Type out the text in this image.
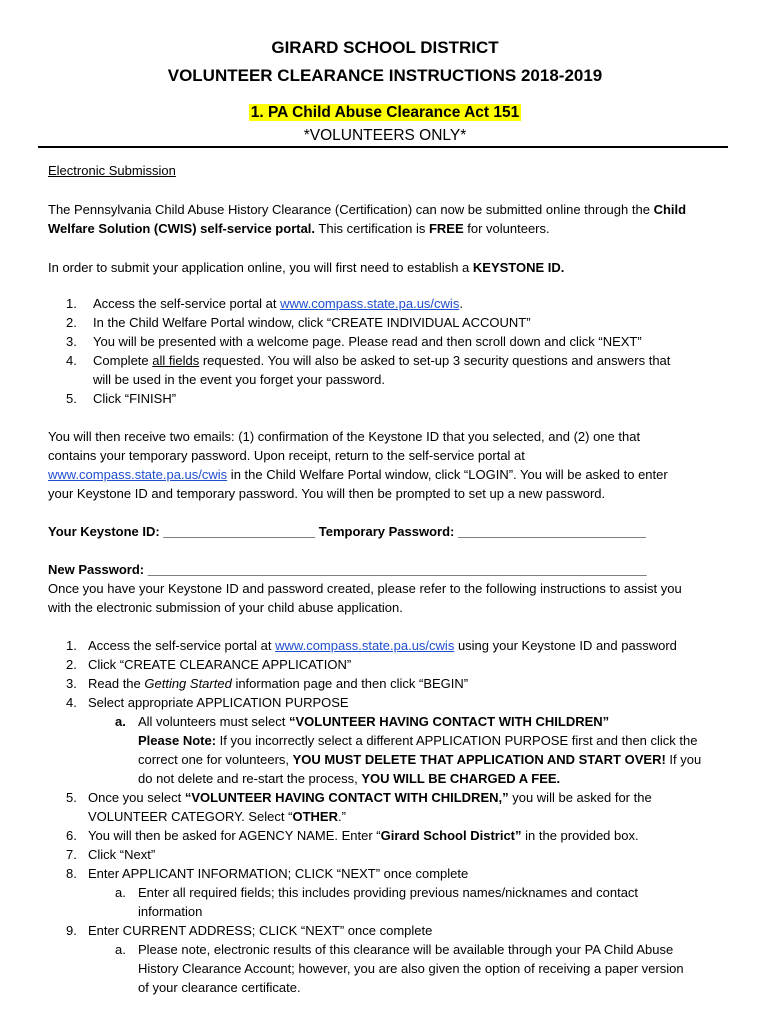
GIRARD SCHOOL DISTRICT
VOLUNTEER CLEARANCE INSTRUCTIONS 2018-2019
1. PA Child Abuse Clearance Act 151
*VOLUNTEERS ONLY*
Electronic Submission
The Pennsylvania Child Abuse History Clearance (Certification) can now be submitted online through the Child
Welfare Solution (CWIS) self-service portal. This certification is FREE for volunteers.
In order to submit your application online, you will first need to establish a KEYSTONE ID.
1.	Access the self-service portal at www.compass.state.pa.us/cwis.
2.	In the Child Welfare Portal window, click “CREATE INDIVIDUAL ACCOUNT”
3.	You will be presented with a welcome page. Please read and then scroll down and click “NEXT”
4.	Complete all fields requested. You will also be asked to set-up 3 security questions and answers that
will be used in the event you forget your password.
5.	Click “FINISH”
You will then receive two emails: (1) confirmation of the Keystone ID that you selected, and (2) one that
contains your temporary password. Upon receipt, return to the self-service portal at
www.compass.state.pa.us/cwis in the Child Welfare Portal window, click “LOGIN”. You will be asked to enter
your Keystone ID and temporary password. You will then be prompted to set up a new password.
Your Keystone ID: _____________________ Temporary Password: __________________________
New Password: _____________________________________________________________________
Once you have your Keystone ID and password created, please refer to the following instructions to assist you
with the electronic submission of your child abuse application.
1. Access the self-service portal at www.compass.state.pa.us/cwis using your Keystone ID and password
2. Click “CREATE CLEARANCE APPLICATION”
3. Read the Getting Started information page and then click “BEGIN”
4. Select appropriate APPLICATION PURPOSE
a. All volunteers must select “VOLUNTEER HAVING CONTACT WITH CHILDREN”
Please Note: If you incorrectly select a different APPLICATION PURPOSE first and then click the
correct one for volunteers, YOU MUST DELETE THAT APPLICATION AND START OVER! If you
do not delete and re-start the process, YOU WILL BE CHARGED A FEE.
5. Once you select “VOLUNTEER HAVING CONTACT WITH CHILDREN,” you will be asked for the
VOLUNTEER CATEGORY. Select “OTHER.”
6. You will then be asked for AGENCY NAME. Enter “Girard School District” in the provided box.
7. Click “Next”
8. Enter APPLICANT INFORMATION; CLICK “NEXT” once complete
a. Enter all required fields; this includes providing previous names/nicknames and contact
information
9. Enter CURRENT ADDRESS; CLICK “NEXT” once complete
a. Please note, electronic results of this clearance will be available through your PA Child Abuse
History Clearance Account; however, you are also given the option of receiving a paper version
of your clearance certificate.
